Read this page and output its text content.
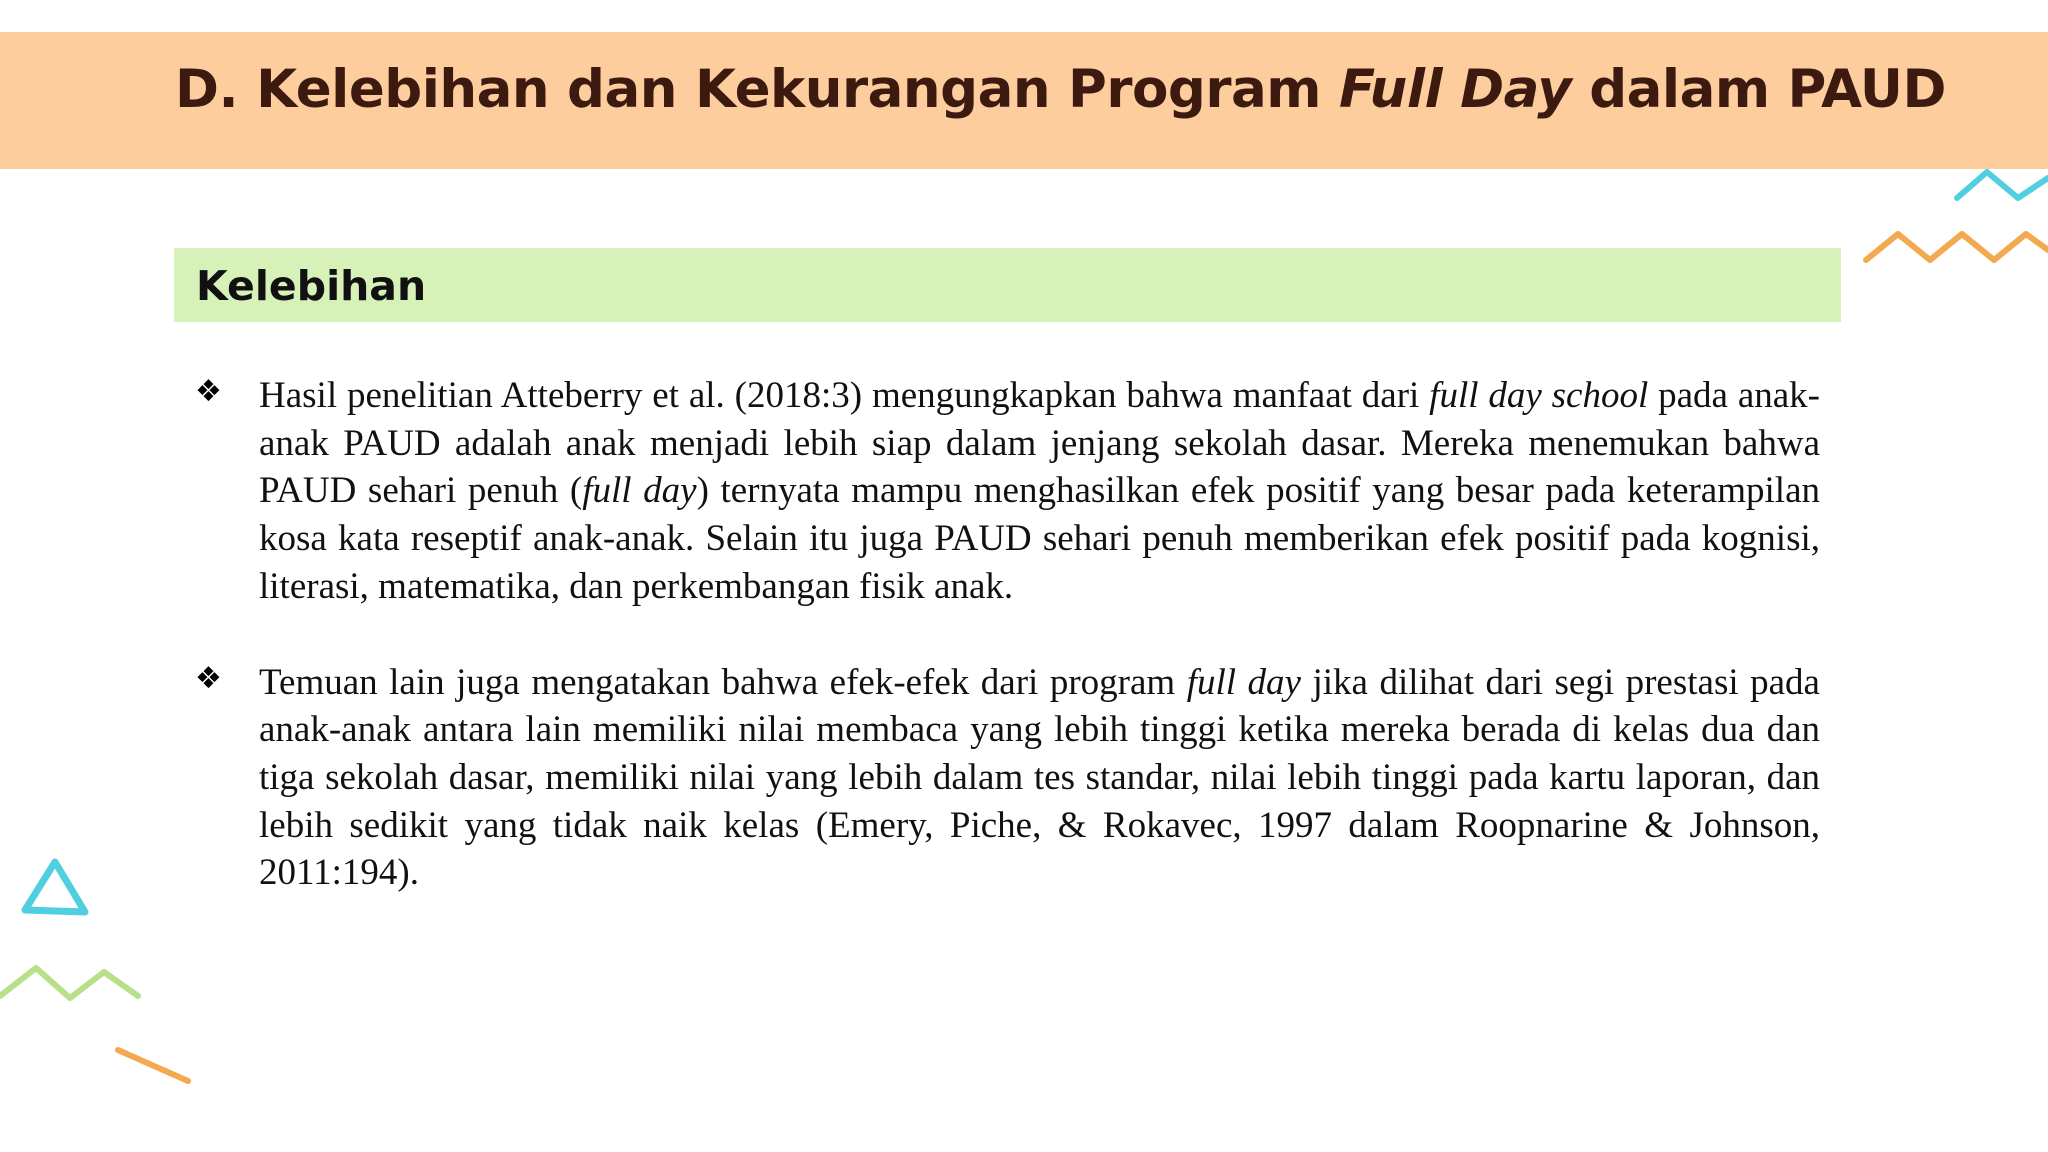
D. Kelebihan dan Kekurangan Program Full Day dalam PAUD
Kelebihan
❖ Hasil penelitian Atteberry et al. (2018:3) mengungkapkan bahwa manfaat dari full day school pada anak-anak PAUD adalah anak menjadi lebih siap dalam jenjang sekolah dasar. Mereka menemukan bahwa PAUD sehari penuh (full day) ternyata mampu menghasilkan efek positif yang besar pada keterampilan kosa kata reseptif anak-anak. Selain itu juga PAUD sehari penuh memberikan efek positif pada kognisi, literasi, matematika, dan perkembangan fisik anak.

❖ Temuan lain juga mengatakan bahwa efek-efek dari program full day jika dilihat dari segi prestasi pada anak-anak antara lain memiliki nilai membaca yang lebih tinggi ketika mereka berada di kelas dua dan tiga sekolah dasar, memiliki nilai yang lebih dalam tes standar, nilai lebih tinggi pada kartu laporan, dan lebih sedikit yang tidak naik kelas (Emery, Piche, & Rokavec, 1997 dalam Roopnarine & Johnson, 2011:194).
